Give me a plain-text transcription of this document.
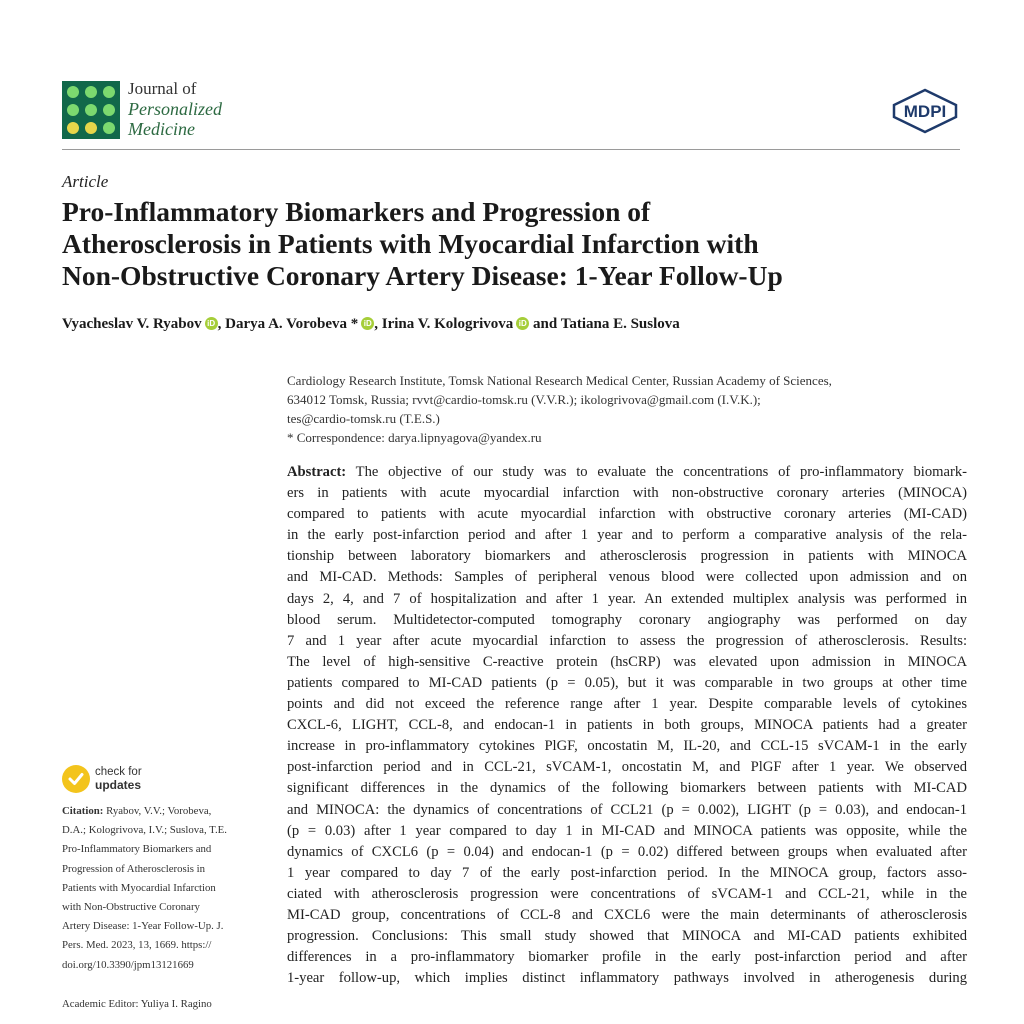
Journal of
Personalized
Medicine
MDPI
Article
Pro-Inflammatory Biomarkers and Progression of
Atherosclerosis in Patients with Myocardial Infarction with
Non-Obstructive Coronary Artery Disease: 1-Year Follow-Up
Vyacheslav V. Ryabov iD , Darya A. Vorobeva * iD , Irina V. Kologrivova iD and Tatiana E. Suslova
Cardiology Research Institute, Tomsk National Research Medical Center, Russian Academy of Sciences,
634012 Tomsk, Russia; rvvt@cardio-tomsk.ru (V.V.R.); ikologrivova@gmail.com (I.V.K.);
tes@cardio-tomsk.ru (T.E.S.)
* Correspondence: darya.lipnyagova@yandex.ru
Abstract: The objective of our study was to evaluate the concentrations of pro-inflammatory biomark-
ers in patients with acute myocardial infarction with non-obstructive coronary arteries (MINOCA)
compared to patients with acute myocardial infarction with obstructive coronary arteries (MI-CAD)
in the early post-infarction period and after 1 year and to perform a comparative analysis of the rela-
tionship between laboratory biomarkers and atherosclerosis progression in patients with MINOCA
and MI-CAD. Methods: Samples of peripheral venous blood were collected upon admission and on
days 2, 4, and 7 of hospitalization and after 1 year. An extended multiplex analysis was performed in
blood serum. Multidetector-computed tomography coronary angiography was performed on day
7 and 1 year after acute myocardial infarction to assess the progression of atherosclerosis. Results:
The level of high-sensitive C-reactive protein (hsCRP) was elevated upon admission in MINOCA
patients compared to MI-CAD patients (p = 0.05), but it was comparable in two groups at other time
points and did not exceed the reference range after 1 year. Despite comparable levels of cytokines
CXCL-6, LIGHT, CCL-8, and endocan-1 in patients in both groups, MINOCA patients had a greater
increase in pro-inflammatory cytokines PlGF, oncostatin M, IL-20, and CCL-15 sVCAM-1 in the early
post-infarction period and in CCL-21, sVCAM-1, oncostatin M, and PlGF after 1 year. We observed
significant differences in the dynamics of the following biomarkers between patients with MI-CAD
and MINOCA: the dynamics of concentrations of CCL21 (p = 0.002), LIGHT (p = 0.03), and endocan-1
(p = 0.03) after 1 year compared to day 1 in MI-CAD and MINOCA patients was opposite, while the
dynamics of CXCL6 (p = 0.04) and endocan-1 (p = 0.02) differed between groups when evaluated after
1 year compared to day 7 of the early post-infarction period. In the MINOCA group, factors asso-
ciated with atherosclerosis progression were concentrations of sVCAM-1 and CCL-21, while in the
MI-CAD group, concentrations of CCL-8 and CXCL6 were the main determinants of atherosclerosis
progression. Conclusions: This small study showed that MINOCA and MI-CAD patients exhibited
differences in a pro-inflammatory biomarker profile in the early post-infarction period and after
1-year follow-up, which implies distinct inflammatory pathways involved in atherogenesis during
check for
updates
Citation: Ryabov, V.V.; Vorobeva,
D.A.; Kologrivova, I.V.; Suslova, T.E.
Pro-Inflammatory Biomarkers and
Progression of Atherosclerosis in
Patients with Myocardial Infarction
with Non-Obstructive Coronary
Artery Disease: 1-Year Follow-Up. J.
Pers. Med. 2023, 13, 1669. https://
doi.org/10.3390/jpm13121669
Academic Editor: Yuliya I. Ragino
